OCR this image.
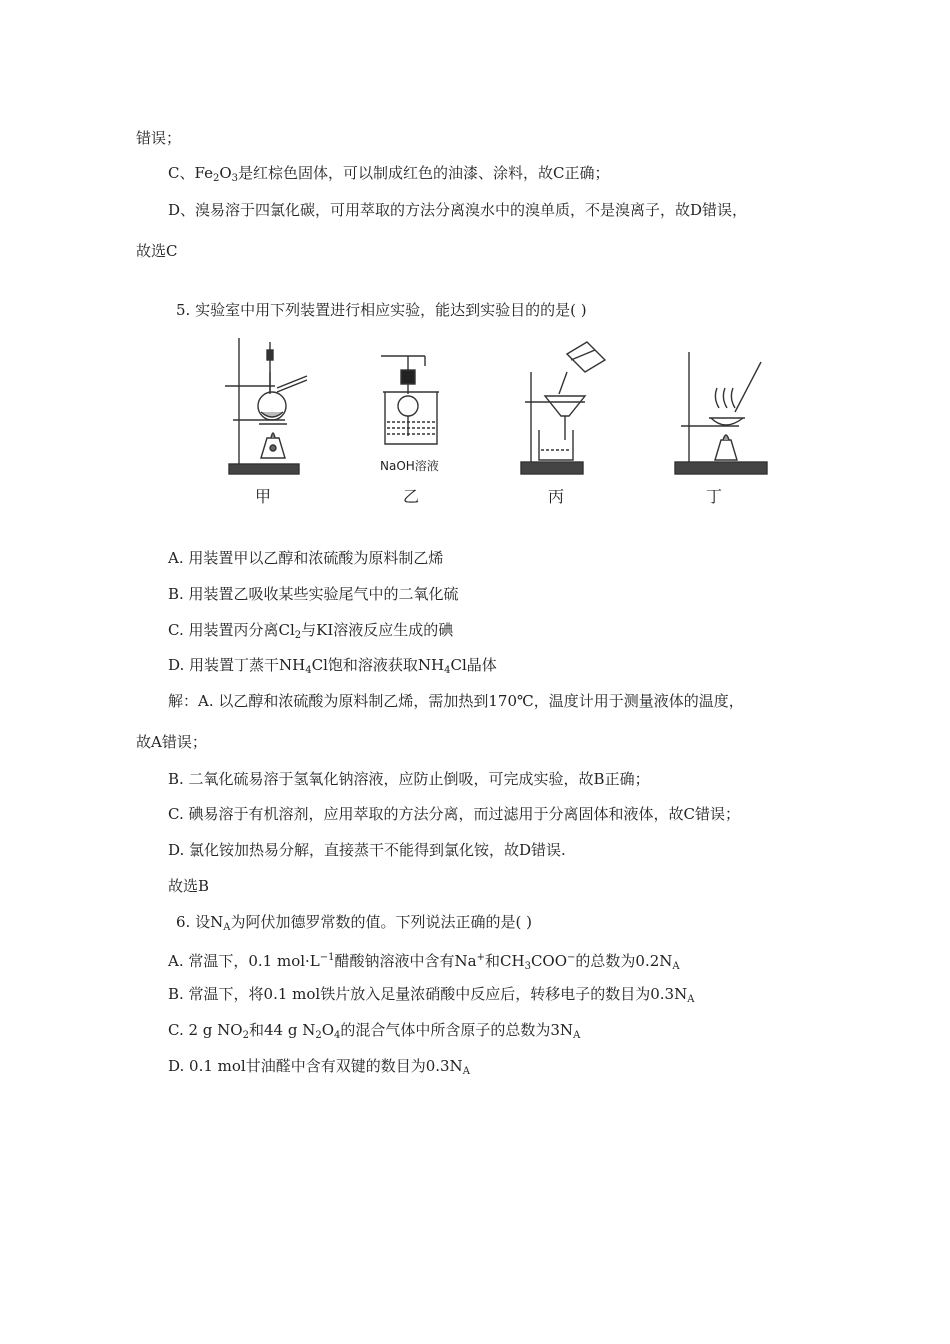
错误；
C、$Fe_2O_3$是红棕色固体，可以制成红色的油漆、涂料，故C正确；
D、溴易溶于四氯化碳，可用萃取的方法分离溴水中的溴单质，不是溴离子，故D错误，
故选C
5. 实验室中用下列装置进行相应实验，能达到实验目的的是( )
NaOH溶液
甲	乙	丙	丁
A. 用装置甲以乙醇和浓硫酸为原料制乙烯
B. 用装置乙吸收某些实验尾气中的二氧化硫
C. 用装置丙分离$Cl_2$与KI溶液反应生成的碘
D. 用装置丁蒸干$NH_4Cl$饱和溶液获取$NH_4Cl$晶体
解：A. 以乙醇和浓硫酸为原料制乙烯，需加热到170℃，温度计用于测量液体的温度，
故A错误；
B. 二氧化硫易溶于氢氧化钠溶液，应防止倒吸，可完成实验，故B正确；
C. 碘易溶于有机溶剂，应用萃取的方法分离，而过滤用于分离固体和液体，故C错误；
D. 氯化铵加热易分解，直接蒸干不能得到氯化铵，故D错误.
故选B
6. 设$N_A$为阿伏加德罗常数的值。下列说法正确的是( )
A. 常温下，0.1 $mol\cdot L^{-1}$醋酸钠溶液中含有Na+和$CH_3COO^-$的总数为$0.2N_A$
B. 常温下，将0.1 mol铁片放入足量浓硝酸中反应后，转移电子的数目为$0.3N_A$
C. 2 g $NO_2$和44 g $N_2O_4$的混合气体中所含原子的总数为$3N_A$
D. 0.1 mol甘油醛中含有双键的数目为$0.3N_A$
